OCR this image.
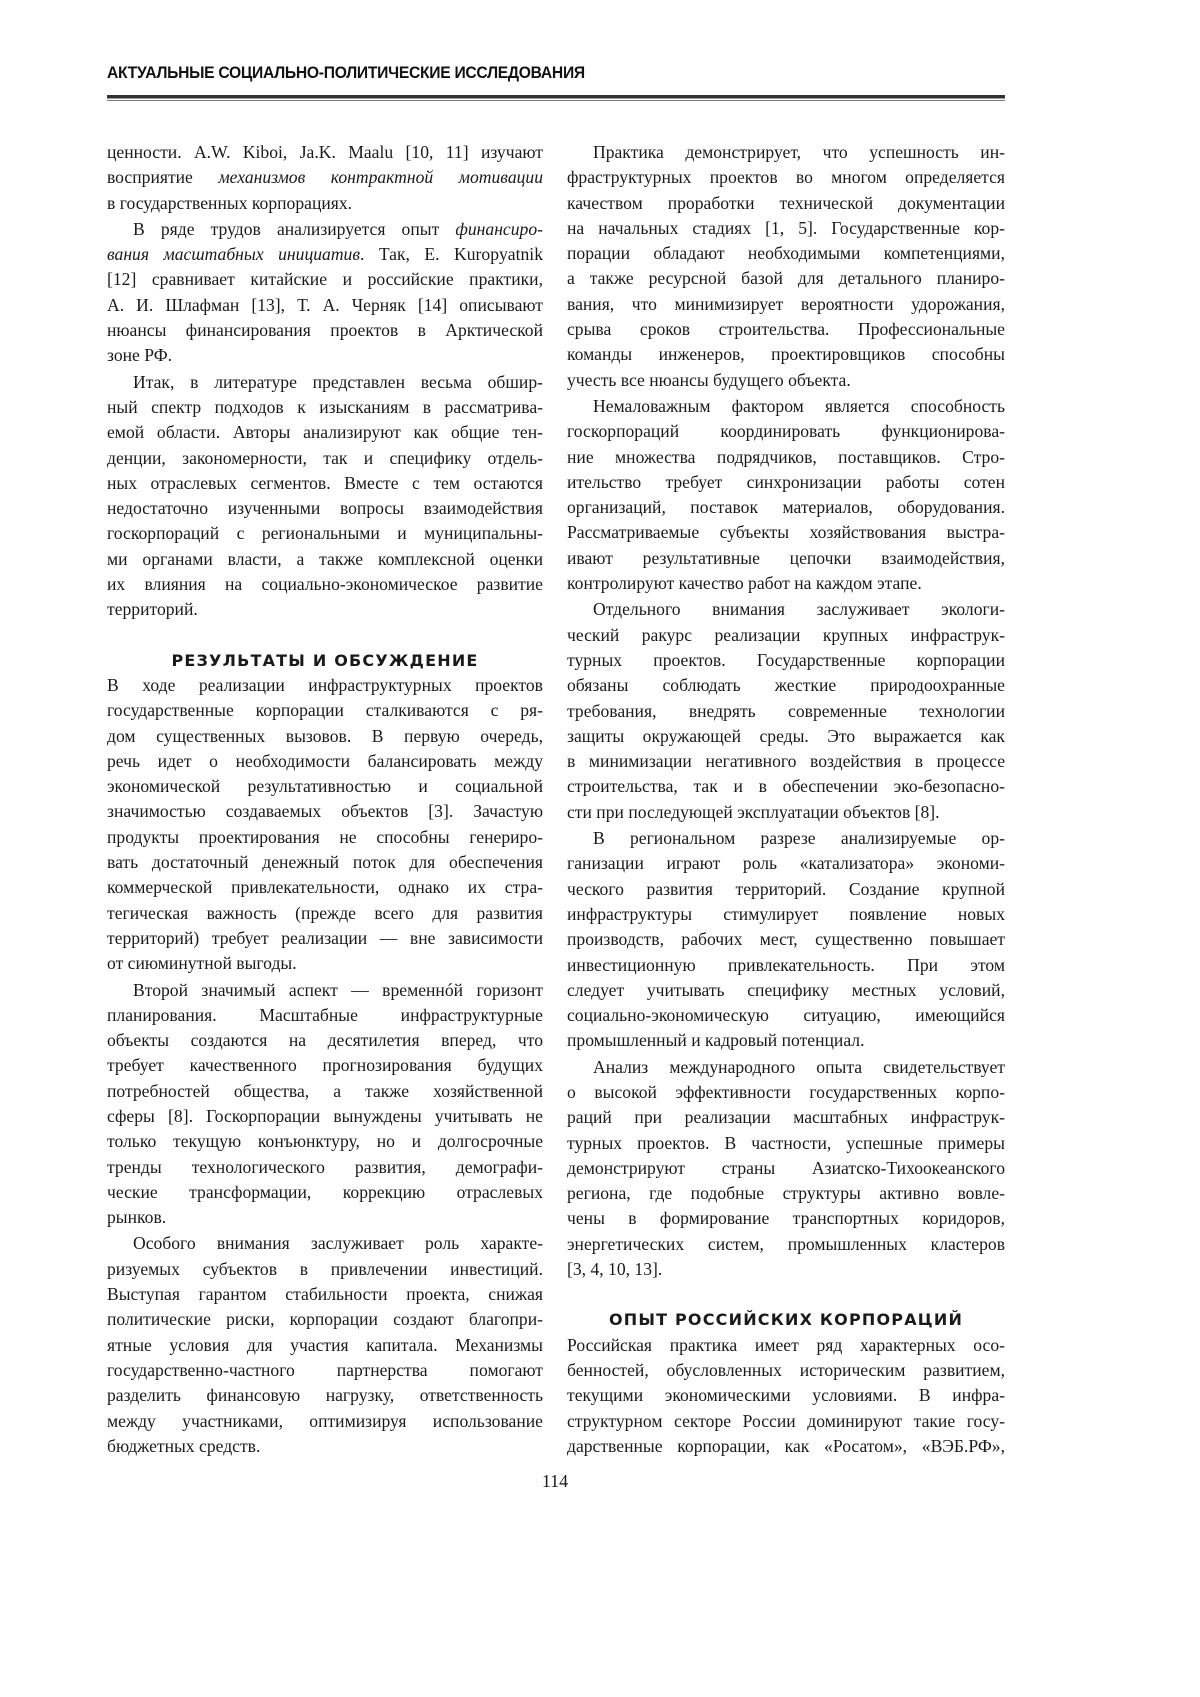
АКТУАЛЬНЫЕ СОЦИАЛЬНО-ПОЛИТИЧЕСКИЕ ИССЛЕДОВАНИЯ
ценности. A.W. Kiboi, Ja.K. Maalu [10, 11] изучают
восприятие механизмов контрактной мотивации
в государственных корпорациях.
В ряде трудов анализируется опыт финансиро-
вания масштабных инициатив. Так, E. Kuropyatnik
[12] сравнивает китайские и российские практики,
А. И. Шлафман [13], Т. А. Черняк [14] описывают
нюансы финансирования проектов в Арктической
зоне РФ.
Итак, в литературе представлен весьма обшир-
ный спектр подходов к изысканиям в рассматрива-
емой области. Авторы анализируют как общие тен-
денции, закономерности, так и специфику отдель-
ных отраслевых сегментов. Вместе с тем остаются
недостаточно изученными вопросы взаимодействия
госкорпораций с региональными и муниципальны-
ми органами власти, а также комплексной оценки
их влияния на социально-экономическое развитие
территорий.
РЕЗУЛЬТАТЫ И ОБСУЖДЕНИЕ
В ходе реализации инфраструктурных проектов
государственные корпорации сталкиваются с ря-
дом существенных вызовов. В первую очередь,
речь идет о необходимости балансировать между
экономической результативностью и социальной
значимостью создаваемых объектов [3]. Зачастую
продукты проектирования не способны генериро-
вать достаточный денежный поток для обеспечения
коммерческой привлекательности, однако их стра-
тегическая важность (прежде всего для развития
территорий) требует реализации — вне зависимости
от сиюминутной выгоды.
Второй значимый аспект — временнóй горизонт
планирования. Масштабные инфраструктурные
объекты создаются на десятилетия вперед, что
требует качественного прогнозирования будущих
потребностей общества, а также хозяйственной
сферы [8]. Госкорпорации вынуждены учитывать не
только текущую конъюнктуру, но и долгосрочные
тренды технологического развития, демографи-
ческие трансформации, коррекцию отраслевых
рынков.
Особого внимания заслуживает роль характе-
ризуемых субъектов в привлечении инвестиций.
Выступая гарантом стабильности проекта, снижая
политические риски, корпорации создают благопри-
ятные условия для участия капитала. Механизмы
государственно-частного партнерства помогают
разделить финансовую нагрузку, ответственность
между участниками, оптимизируя использование
бюджетных средств.
Практика демонстрирует, что успешность ин-
фраструктурных проектов во многом определяется
качеством проработки технической документации
на начальных стадиях [1, 5]. Государственные кор-
порации обладают необходимыми компетенциями,
а также ресурсной базой для детального планиро-
вания, что минимизирует вероятности удорожания,
срыва сроков строительства. Профессиональные
команды инженеров, проектировщиков способны
учесть все нюансы будущего объекта.
Немаловажным фактором является способность
госкорпораций координировать функционирова-
ние множества подрядчиков, поставщиков. Стро-
ительство требует синхронизации работы сотен
организаций, поставок материалов, оборудования.
Рассматриваемые субъекты хозяйствования выстра-
ивают результативные цепочки взаимодействия,
контролируют качество работ на каждом этапе.
Отдельного внимания заслуживает экологи-
ческий ракурс реализации крупных инфраструк-
турных проектов. Государственные корпорации
обязаны соблюдать жесткие природоохранные
требования, внедрять современные технологии
защиты окружающей среды. Это выражается как
в минимизации негативного воздействия в процессе
строительства, так и в обеспечении эко-безопасно-
сти при последующей эксплуатации объектов [8].
В региональном разрезе анализируемые ор-
ганизации играют роль «катализатора» экономи-
ческого развития территорий. Создание крупной
инфраструктуры стимулирует появление новых
производств, рабочих мест, существенно повышает
инвестиционную привлекательность. При этом
следует учитывать специфику местных условий,
социально-экономическую ситуацию, имеющийся
промышленный и кадровый потенциал.
Анализ международного опыта свидетельствует
о высокой эффективности государственных корпо-
раций при реализации масштабных инфраструк-
турных проектов. В частности, успешные примеры
демонстрируют страны Азиатско-Тихоокеанского
региона, где подобные структуры активно вовле-
чены в формирование транспортных коридоров,
энергетических систем, промышленных кластеров
[3, 4, 10, 13].
ОПЫТ РОССИЙСКИХ КОРПОРАЦИЙ
Российская практика имеет ряд характерных осо-
бенностей, обусловленных историческим развитием,
текущими экономическими условиями. В инфра-
структурном секторе России доминируют такие госу-
дарственные корпорации, как «Росатом», «ВЭБ.РФ»,
114
